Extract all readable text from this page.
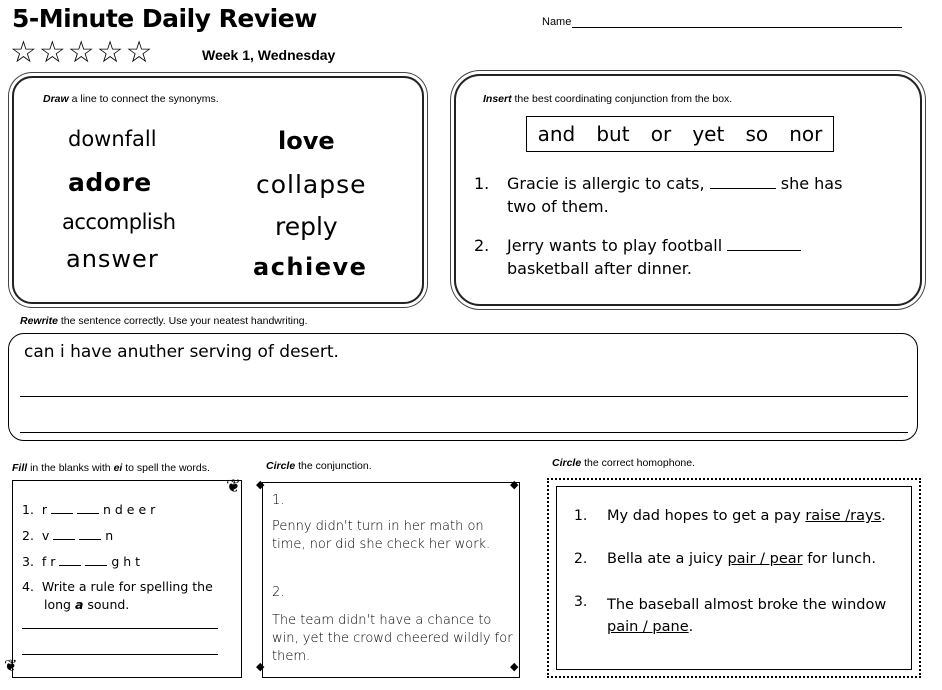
5-Minute Daily Review	Name
☆☆☆☆☆	Week 1, Wednesday
Draw a line to connect the synonyms.
downfall
adore
accomplish
answer
love
collapse
reply
achieve
Insert the best coordinating conjunction from the box.
and but or yet so nor
1. Gracie is allergic to cats,	she has
two of them.
2. Jerry wants to play football
basketball after dinner.
Rewrite the sentence correctly. Use your neatest handwriting.
can i have anuther serving of desert.
Fill in the blanks with ei to spell the words.
❦
❦
1. r	n d e e r
2. v	n
3. f r	g h t
4. Write a rule for spelling the
long a sound.
Circle the conjunction.
◆	◆
◆	◆
1.
Penny didn't turn in her math on time, nor did she check her work.
2.
The team didn't have a chance to win, yet the crowd cheered wildly for them.
Circle the correct homophone.
1. My dad hopes to get a pay raise /rays.
2. Bella ate a juicy pair / pear for lunch.
3. The baseball almost broke the window
pain / pane.
